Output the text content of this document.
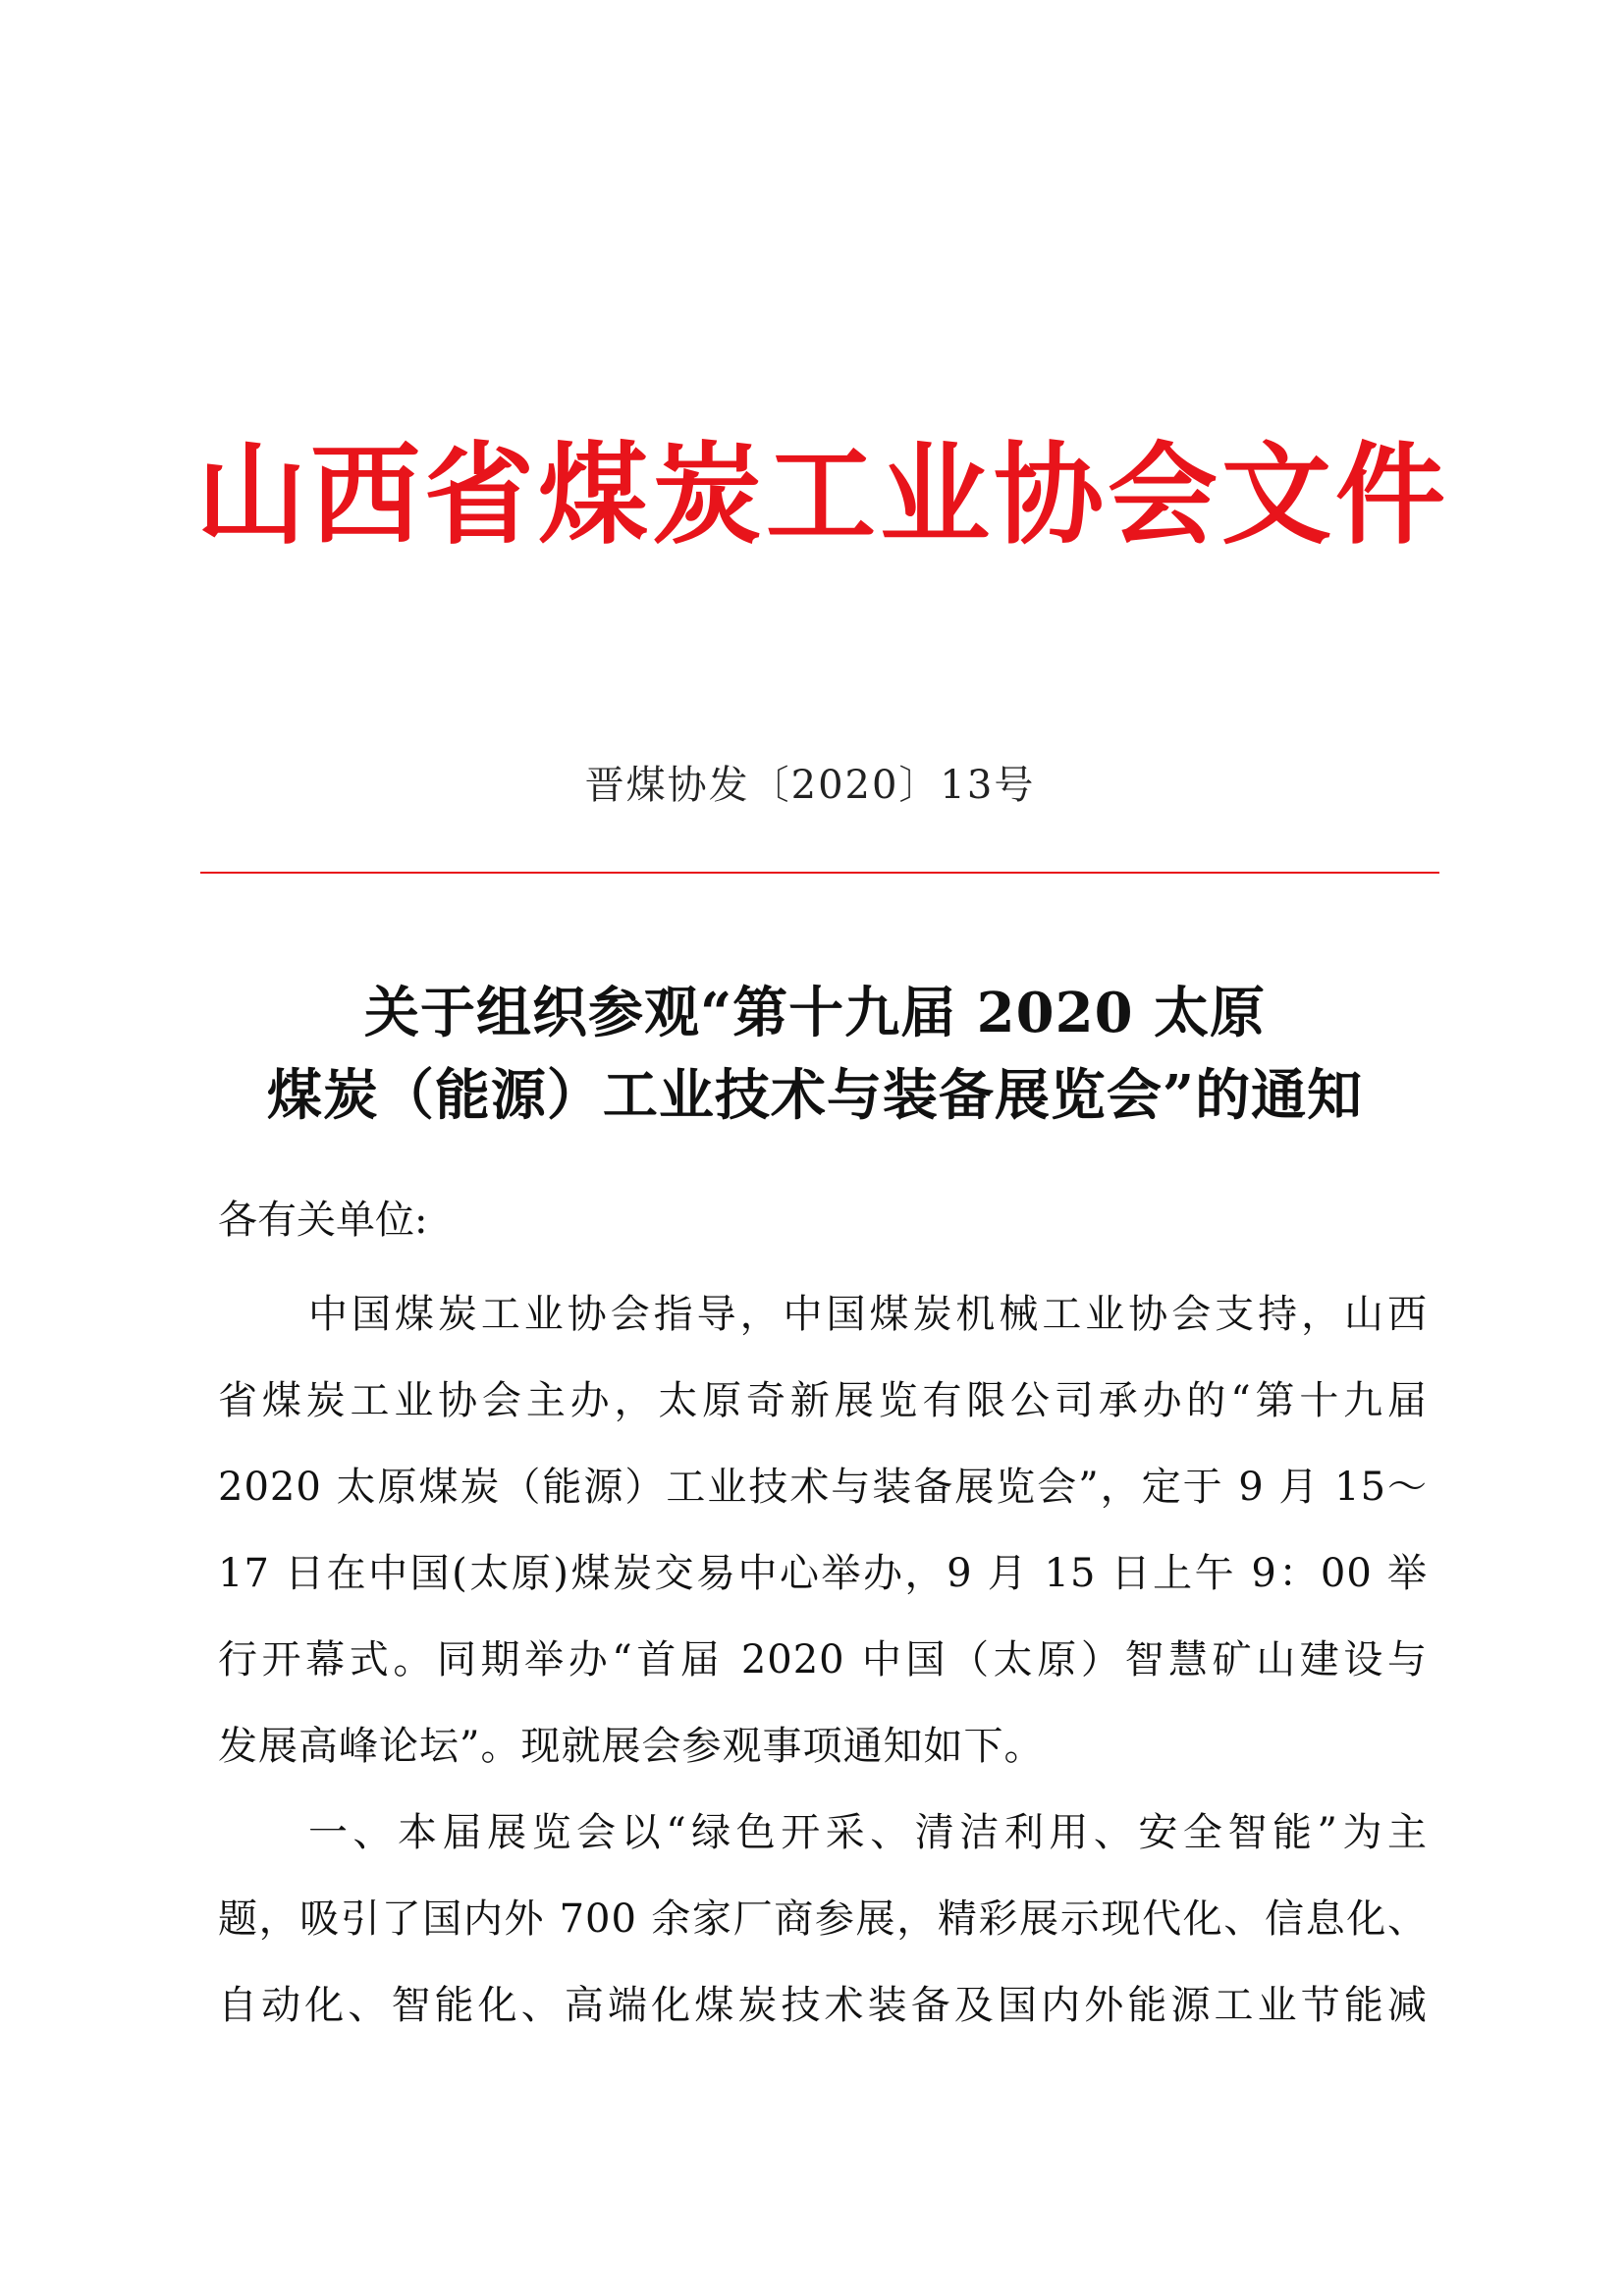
山西省煤炭工业协会文件
晋煤协发〔2020〕13号
关于组织参观“第十九届 2020 太原
煤炭（能源）工业技术与装备展览会”的通知
各有关单位:
中国煤炭工业协会指导，中国煤炭机械工业协会支持，山西
省煤炭工业协会主办，太原奇新展览有限公司承办的“第十九届
2020 太原煤炭（能源）工业技术与装备展览会”，定于 9 月 15～
17 日在中国(太原)煤炭交易中心举办，9 月 15 日上午 9：00 举
行开幕式。同期举办“首届 2020 中国（太原）智慧矿山建设与
发展高峰论坛”。现就展会参观事项通知如下。
一、本届展览会以“绿色开采、清洁利用、安全智能”为主
题，吸引了国内外 700 余家厂商参展，精彩展示现代化、信息化、
自动化、智能化、高端化煤炭技术装备及国内外能源工业节能减
